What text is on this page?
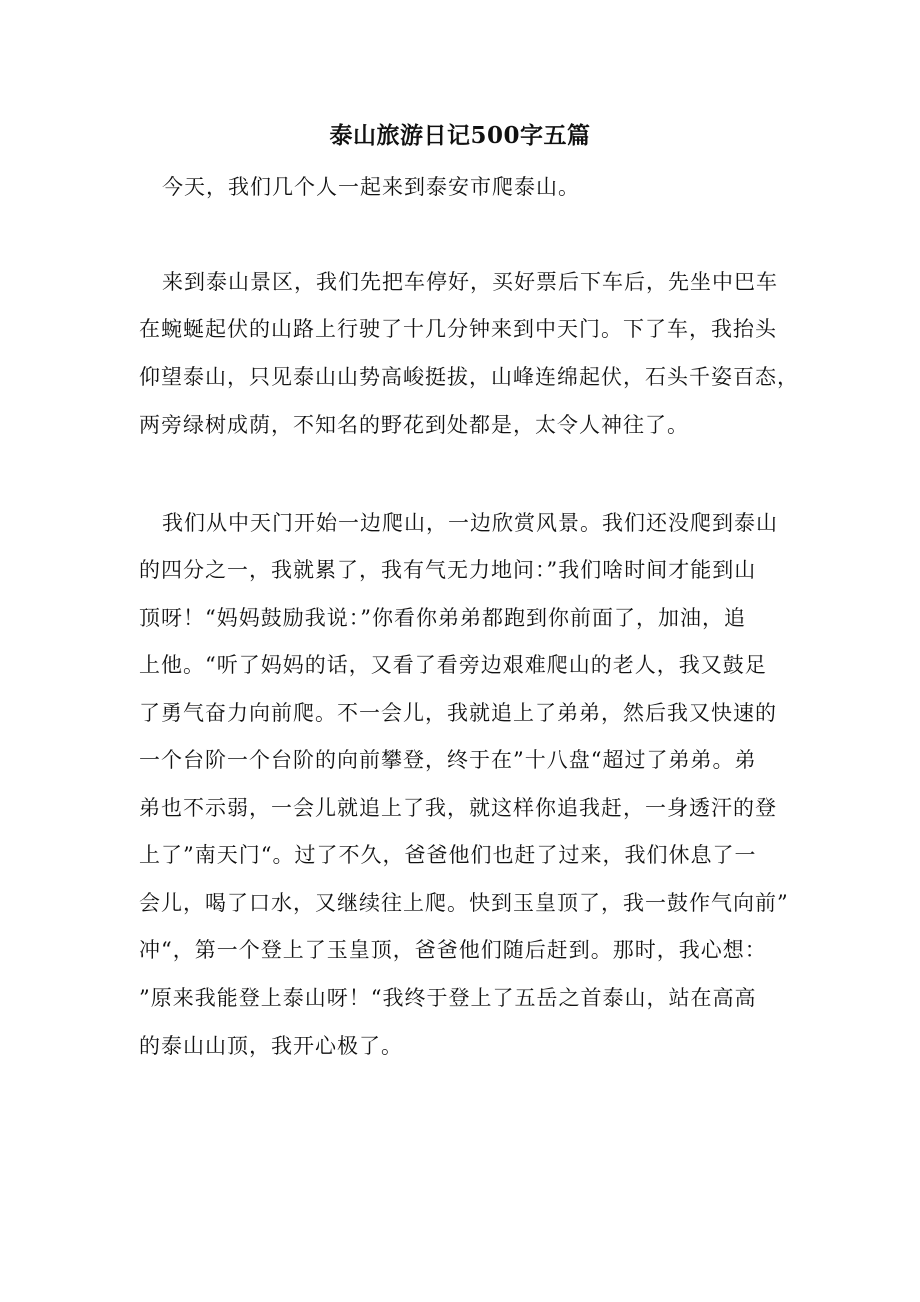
泰山旅游日记500字五篇
今天，我们几个人一起来到泰安市爬泰山。
来到泰山景区，我们先把车停好，买好票后下车后，先坐中巴车
在蜿蜒起伏的山路上行驶了十几分钟来到中天门。下了车，我抬头
仰望泰山，只见泰山山势高峻挺拔，山峰连绵起伏，石头千姿百态，
两旁绿树成荫，不知名的野花到处都是，太令人神往了。
我们从中天门开始一边爬山，一边欣赏风景。我们还没爬到泰山
的四分之一，我就累了，我有气无力地问：”我们啥时间才能到山
顶呀！“妈妈鼓励我说：”你看你弟弟都跑到你前面了，加油，追
上他。“听了妈妈的话，又看了看旁边艰难爬山的老人，我又鼓足
了勇气奋力向前爬。不一会儿，我就追上了弟弟，然后我又快速的
一个台阶一个台阶的向前攀登，终于在”十八盘“超过了弟弟。弟
弟也不示弱，一会儿就追上了我，就这样你追我赶，一身透汗的登
上了”南天门“。过了不久，爸爸他们也赶了过来，我们休息了一
会儿，喝了口水，又继续往上爬。快到玉皇顶了，我一鼓作气向前”
冲“，第一个登上了玉皇顶，爸爸他们随后赶到。那时，我心想：
”原来我能登上泰山呀！“我终于登上了五岳之首泰山，站在高高
的泰山山顶，我开心极了。
